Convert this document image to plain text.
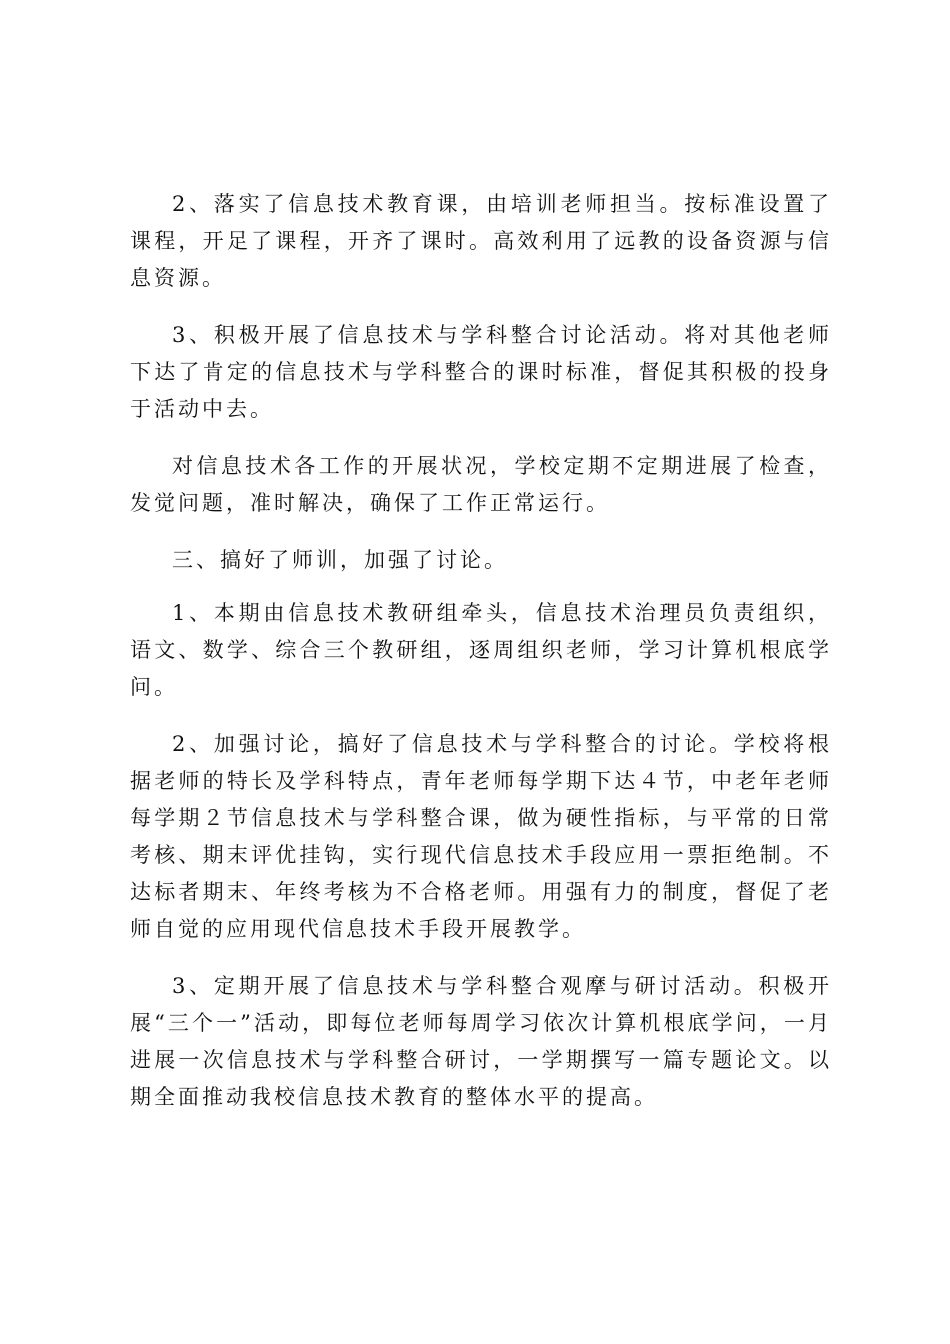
2、落实了信息技术教育课，由培训老师担当。按标准设置了课程，开足了课程，开齐了课时。高效利用了远教的设备资源与信息资源。

3、积极开展了信息技术与学科整合讨论活动。将对其他老师下达了肯定的信息技术与学科整合的课时标准，督促其积极的投身于活动中去。

对信息技术各工作的开展状况，学校定期不定期进展了检查，发觉问题，准时解决，确保了工作正常运行。

三、搞好了师训，加强了讨论。

1、本期由信息技术教研组牵头，信息技术治理员负责组织，语文、数学、综合三个教研组，逐周组织老师，学习计算机根底学问。

2、加强讨论，搞好了信息技术与学科整合的讨论。学校将根据老师的特长及学科特点，青年老师每学期下达４节，中老年老师每学期２节信息技术与学科整合课，做为硬性指标，与平常的日常考核、期末评优挂钩，实行现代信息技术手段应用一票拒绝制。不达标者期末、年终考核为不合格老师。用强有力的制度，督促了老师自觉的应用现代信息技术手段开展教学。

3、定期开展了信息技术与学科整合观摩与研讨活动。积极开展“三个一”活动，即每位老师每周学习依次计算机根底学问，一月进展一次信息技术与学科整合研讨，一学期撰写一篇专题论文。以期全面推动我校信息技术教育的整体水平的提高。
